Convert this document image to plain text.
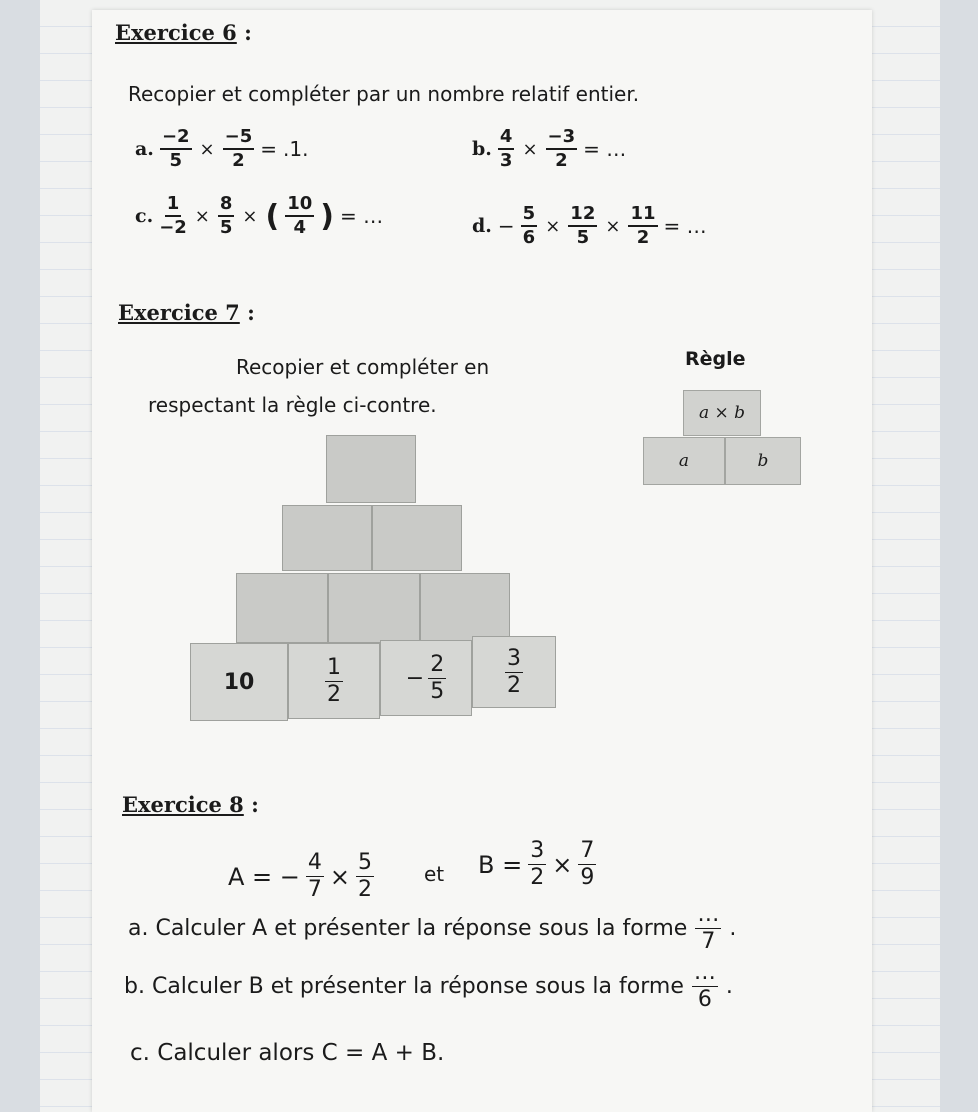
Exercice 6 :
Recopier et compléter par un nombre relatif entier.
a. $\frac{-2}{5} \times \frac{-5}{2} = .1$.	b. $\frac{4}{3} \times \frac{-3}{2}$ = …
c. $\frac{1}{-2} \times \frac{8}{5}$ × ( $\frac{10}{4}$ ) = …	d. − $\frac{5}{6} \times \frac{12}{5} \times \frac{11}{2}$ = …
Exercice 7 :
Recopier et compléter en
respectant la règle ci-contre.
Règle
a × b
a	b
10	$\frac{1}{2}$	− $\frac{2}{5}$	$\frac{3}{2}$
Exercice 8 :
A = − $\frac{4}{7} \times \frac{5}{2}$ et $B = \frac{3}{2} \times \frac{7}{9}$
a. Calculer A et présenter la réponse sous la forme $\frac{\dots}{7}$ .
b. Calculer B et présenter la réponse sous la forme $\frac{\dots}{6}$ .
c. Calculer alors C = A + B.
